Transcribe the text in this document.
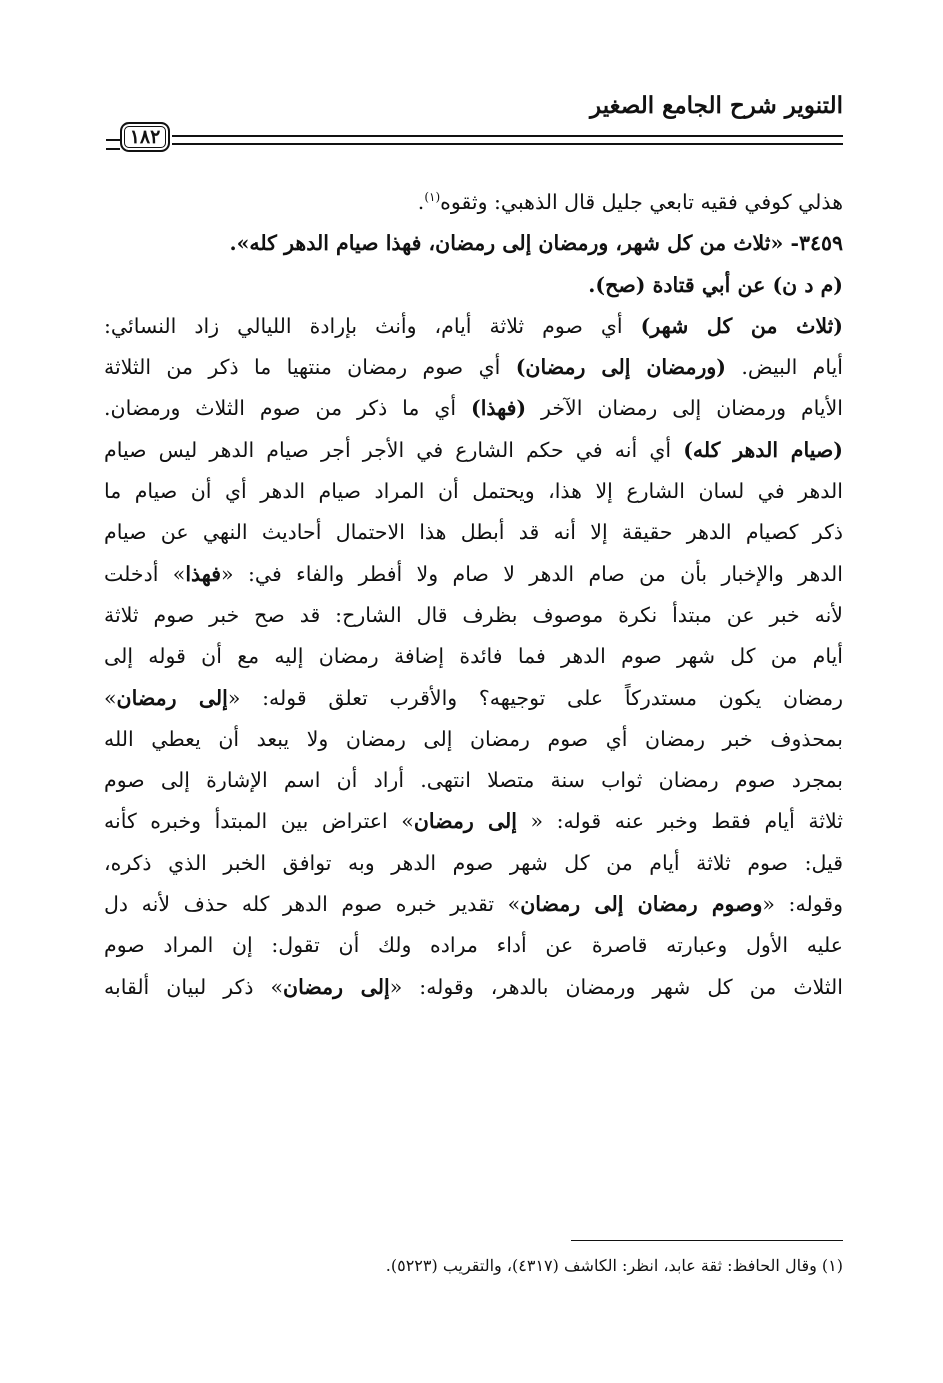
التنوير شرح الجامع الصغير
١٨٢
هذلي كوفي فقيه تابعي جليل قال الذهبي: وثقوه$^{(١)}$.
٣٤٥٩- «ثلاث من كل شهر، ورمضان إلى رمضان، فهذا صيام الدهر كله».
(م د ن) عن أبي قتادة (صح).
(ثلاث من كل شهر) أي صوم ثلاثة أيام، وأنث بإرادة الليالي زاد النسائي:
أيام البيض. (ورمضان إلى رمضان) أي صوم رمضان منتهيا ما ذكر من الثلاثة
الأيام ورمضان إلى رمضان الآخر (فهذا) أي ما ذكر من صوم الثلاث ورمضان.
(صيام الدهر كله) أي أنه في حكم الشارع في الأجر أجر صيام الدهر ليس صيام
الدهر في لسان الشارع إلا هذا، ويحتمل أن المراد صيام الدهر أي أن صيام ما
ذكر كصيام الدهر حقيقة إلا أنه قد أبطل هذا الاحتمال أحاديث النهي عن صيام
الدهر والإخبار بأن من صام الدهر لا صام ولا أفطر والفاء في: «فهذا» أدخلت
لأنه خبر عن مبتدأ نكرة موصوف بظرف قال الشارح: قد صح خبر صوم ثلاثة
أيام من كل شهر صوم الدهر فما فائدة إضافة رمضان إليه مع أن قوله إلى
رمضان يكون مستدركاً على توجيهه؟ والأقرب تعلق قوله: «إلى رمضان»
بمحذوف خبر رمضان أي صوم رمضان إلى رمضان ولا يبعد أن يعطي الله
بمجرد صوم رمضان ثواب سنة متصلا انتهى. أراد أن اسم الإشارة إلى صوم
ثلاثة أيام فقط وخبر عنه قوله: « إلى رمضان» اعتراض بين المبتدأ وخبره كأنه
قيل: صوم ثلاثة أيام من كل شهر صوم الدهر وبه توافق الخبر الذي ذكره،
وقوله: «وصوم رمضان إلى رمضان» تقدير خبره صوم الدهر كله حذف لأنه دل
عليه الأول وعبارته قاصرة عن أداء مراده ولك أن تقول: إن المراد صوم
الثلاث من كل شهر ورمضان بالدهر، وقوله: «إلى رمضان» ذكر لبيان ألقابه
(١) وقال الحافظ: ثقة عابد، انظر: الكاشف (٤٣١٧)، والتقريب (٥٢٢٣).
